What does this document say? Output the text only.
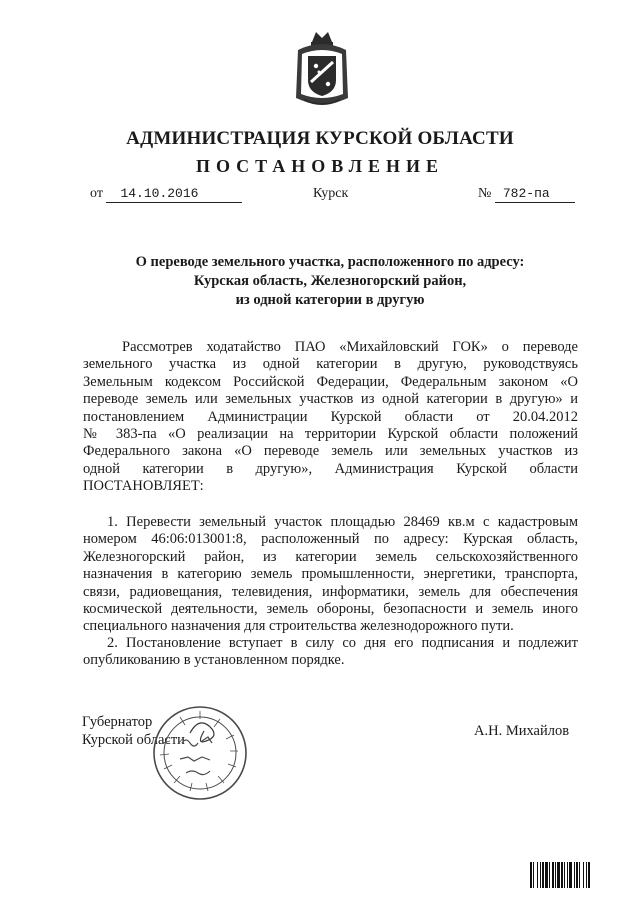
АДМИНИСТРАЦИЯ КУРСКОЙ ОБЛАСТИ
ПОСТАНОВЛЕНИЕ
от 14.10.2016	Курск	№ 782-па
О переводе земельного участка, расположенного по адресу:
Курская область, Железногорский район,
из одной категории в другую
Рассмотрев ходатайство ПАО «Михайловский ГОК» о переводе
земельного участка из одной категории в другую, руководствуясь
Земельным кодексом Российской Федерации, Федеральным законом «О
переводе земель или земельных участков из одной категории в другую» и
постановлением Администрации Курской области от 20.04.2012
№ 383-па «О реализации на территории Курской области положений
Федерального закона «О переводе земель или земельных участков из
одной категории в другую», Администрация Курской области
ПОСТАНОВЛЯЕТ:
1. Перевести земельный участок площадью 28469 кв.м с кадастровым
номером 46:06:013001:8, расположенный по адресу: Курская область,
Железногорский район, из категории земель сельскохозяйственного
назначения в категорию земель промышленности, энергетики, транспорта,
связи, радиовещания, телевидения, информатики, земель для обеспечения
космической деятельности, земель обороны, безопасности и земель иного
специального назначения для строительства железнодорожного пути.
2. Постановление вступает в силу со дня его подписания и подлежит
опубликованию в установленном порядке.
Губернатор
Курской области
А.Н. Михайлов
